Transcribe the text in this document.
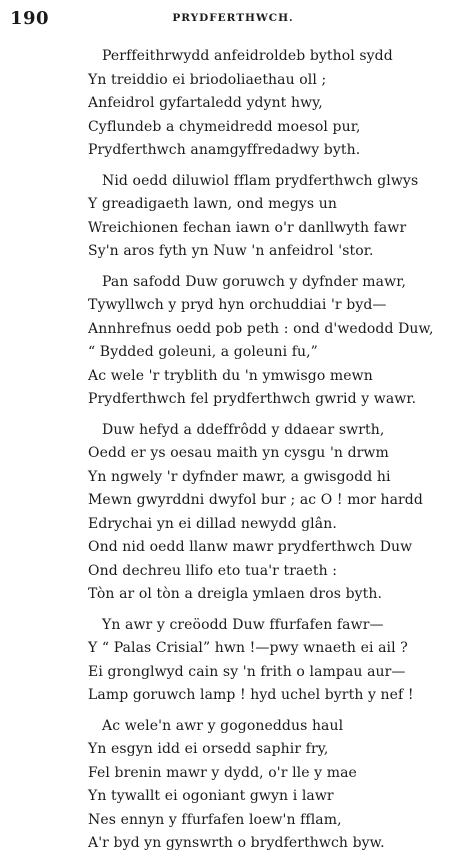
190	PRYDFERTHWCH.
Perffeithrwydd anfeidroldeb bythol sydd
Yn treiddio ei briodoliaethau oll ;
Anfeidrol gyfartaledd ydynt hwy,
Cyflundeb a chymeidredd moesol pur,
Prydferthwch anamgyffredadwy byth.
Nid oedd diluwiol fflam prydferthwch glwys
Y greadigaeth lawn, ond megys un
Wreichionen fechan iawn o'r danllwyth fawr
Sy'n aros fyth yn Nuw 'n anfeidrol 'stor.
Pan safodd Duw goruwch y dyfnder mawr,
Tywyllwch y pryd hyn orchuddiai 'r byd—
Annhrefnus oedd pob peth : ond d'wedodd Duw,
“ Bydded goleuni, a goleuni fu,”
Ac wele 'r tryblith du 'n ymwisgo mewn
Prydferthwch fel prydferthwch gwrid y wawr.
Duw hefyd a ddeffrôdd y ddaear swrth,
Oedd er ys oesau maith yn cysgu 'n drwm
Yn ngwely 'r dyfnder mawr, a gwisgodd hi
Mewn gwyrddni dwyfol bur ; ac O ! mor hardd
Edrychai yn ei dillad newydd glân.
Ond nid oedd llanw mawr prydferthwch Duw
Ond dechreu llifo eto tua'r traeth :
Tòn ar ol tòn a dreigla ymlaen dros byth.
Yn awr y creöodd Duw ffurfafen fawr—
Y “ Palas Crisial” hwn !—pwy wnaeth ei ail ?
Ei gronglwyd cain sy 'n frith o lampau aur—
Lamp goruwch lamp ! hyd uchel byrth y nef !
Ac wele'n awr y gogoneddus haul
Yn esgyn idd ei orsedd saphir fry,
Fel brenin mawr y dydd, o'r lle y mae
Yn tywallt ei ogoniant gwyn i lawr
Nes ennyn y ffurfafen loew'n fflam,
A'r byd yn gynswrth o brydferthwch byw.
